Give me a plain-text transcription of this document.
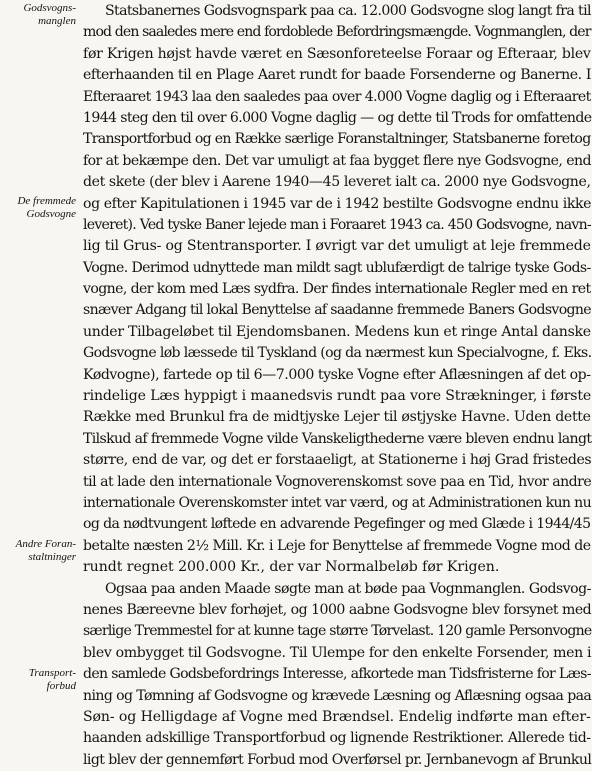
Godsvogns-
manglen
De fremmede
Godsvogne
Andre Foran-
staltninger
Transport-
forbud
Statsbanernes Godsvognspark paa ca. 12.000 Godsvogne slog langt fra til
mod den saaledes mere end fordoblede Befordringsmængde. Vognmanglen, der
før Krigen højst havde været en Sæsonforeteelse Foraar og Efteraar, blev
efterhaanden til en Plage Aaret rundt for baade Forsenderne og Banerne. I
Efteraaret 1943 laa den saaledes paa over 4.000 Vogne daglig og i Efteraaret
1944 steg den til over 6.000 Vogne daglig — og dette til Trods for omfattende
Transportforbud og en Række særlige Foranstaltninger, Statsbanerne foretog
for at bekæmpe den. Det var umuligt at faa bygget flere nye Godsvogne, end
det skete (der blev i Aarene 1940—45 leveret ialt ca. 2000 nye Godsvogne,
og efter Kapitulationen i 1945 var de i 1942 bestilte Godsvogne endnu ikke
leveret). Ved tyske Baner lejede man i Foraaret 1943 ca. 450 Godsvogne, navn-
lig til Grus- og Stentransporter. I øvrigt var det umuligt at leje fremmede
Vogne. Derimod udnyttede man mildt sagt ublufærdigt de talrige tyske Gods-
vogne, der kom med Læs sydfra. Der findes internationale Regler med en ret
snæver Adgang til lokal Benyttelse af saadanne fremmede Baners Godsvogne
under Tilbageløbet til Ejendomsbanen. Medens kun et ringe Antal danske
Godsvogne løb læssede til Tyskland (og da nærmest kun Specialvogne, f. Eks.
Kødvogne), fartede op til 6—7.000 tyske Vogne efter Aflæsningen af det op-
rindelige Læs hyppigt i maanedsvis rundt paa vore Strækninger, i første
Række med Brunkul fra de midtjyske Lejer til østjyske Havne. Uden dette
Tilskud af fremmede Vogne vilde Vanskeligthederne være bleven endnu langt
større, end de var, og det er forstaaeligt, at Stationerne i høj Grad fristedes
til at lade den internationale Vognoverenskomst sove paa en Tid, hvor andre
internationale Overenskomster intet var værd, og at Administrationen kun nu
og da nødtvungent løftede en advarende Pegefinger og med Glæde i 1944/45
betalte næsten 2½ Mill. Kr. i Leje for Benyttelse af fremmede Vogne mod de
rundt regnet 200.000 Kr., der var Normalbeløb før Krigen.
Ogsaa paa anden Maade søgte man at bøde paa Vognmanglen. Godsvog-
nenes Bæreevne blev forhøjet, og 1000 aabne Godsvogne blev forsynet med
særlige Tremmestel for at kunne tage større Tørvelast. 120 gamle Personvogne
blev ombygget til Godsvogne. Til Ulempe for den enkelte Forsender, men i
den samlede Godsbefordrings Interesse, afkortede man Tidsfristerne for Læs-
ning og Tømning af Godsvogne og krævede Læsning og Aflæsning ogsaa paa
Søn- og Helligdage af Vogne med Brændsel. Endelig indførte man efter-
haanden adskillige Transportforbud og lignende Restriktioner. Allerede tid-
ligt blev der gennemført Forbud mod Overførsel pr. Jernbanevogn af Brunkul
